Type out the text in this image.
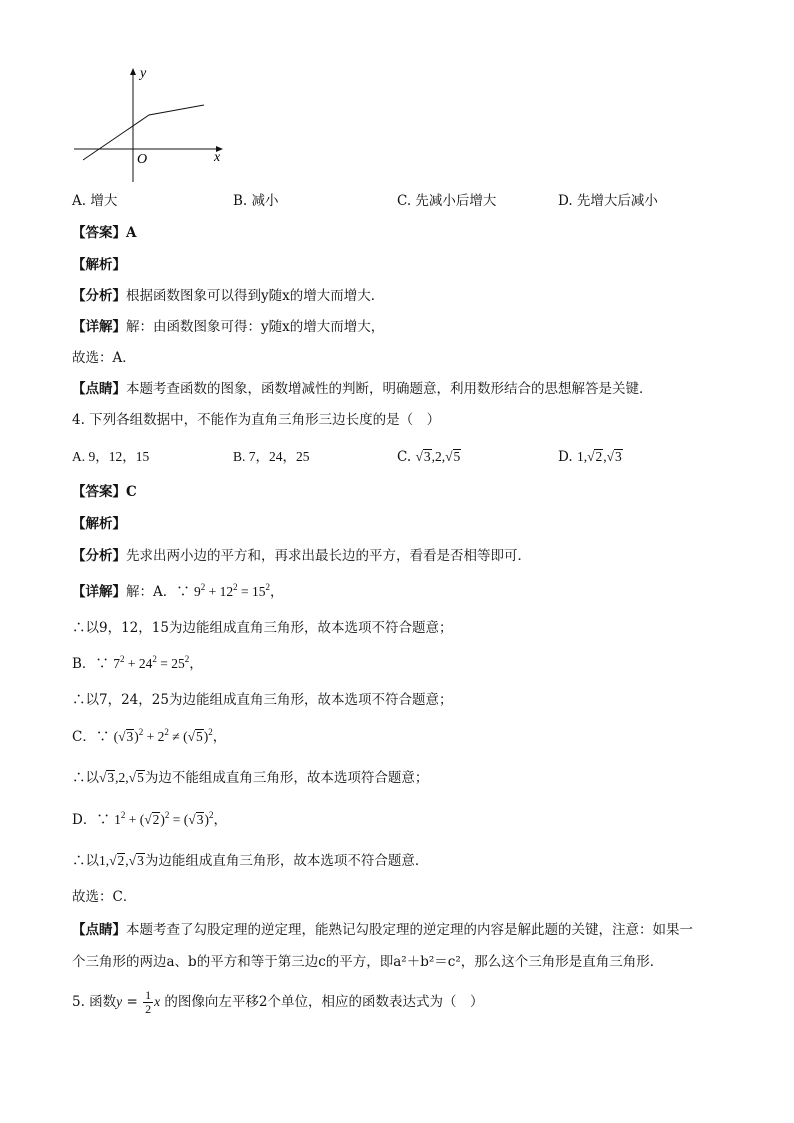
y
x
O
A. 增大	B. 减小	C. 先减小后增大	D. 先增大后减小
【答案】A
【解析】
【分析】根据函数图象可以得到y随x的增大而增大．
【详解】解：由函数图象可得：y随x的增大而增大，
故选：A．
【点睛】本题考查函数的图象，函数增减性的判断，明确题意，利用数形结合的思想解答是关键．
4. 下列各组数据中，不能作为直角三角形三边长度的是（　）
A. 9，12，15	B. 7，24，25	C. √3,2,√5	D. 1,√2,√3
【答案】C
【解析】
【分析】先求出两小边的平方和，再求出最长边的平方，看看是否相等即可．
【详解】解：A．∵ $9^2 + 12^2 = 15^2$，
∴以9，12，15为边能组成直角三角形，故本选项不符合题意；
B．∵ $7^2 + 24^2 = 25^2$，
∴以7，24，25为边能组成直角三角形，故本选项不符合题意；
C．∵ $(√3)^2 + 2^2 \ne (√5)^2$，
∴以√3,2,√5为边不能组成直角三角形，故本选项符合题意；
D．∵ $1^2 + (√2)^2 = (√3)^2$，
∴以1,√2,√3为边能组成直角三角形，故本选项不符合题意．
故选：C．
【点睛】本题考查了勾股定理的逆定理，能熟记勾股定理的逆定理的内容是解此题的关键，注意：如果一
个三角形的两边a、b的平方和等于第三边c的平方，即a²＋b²＝c²，那么这个三角形是直角三角形．
5. 函数$y = \frac{1}{2}$ x 的图像向左平移2个单位，相应的函数表达式为（　）
